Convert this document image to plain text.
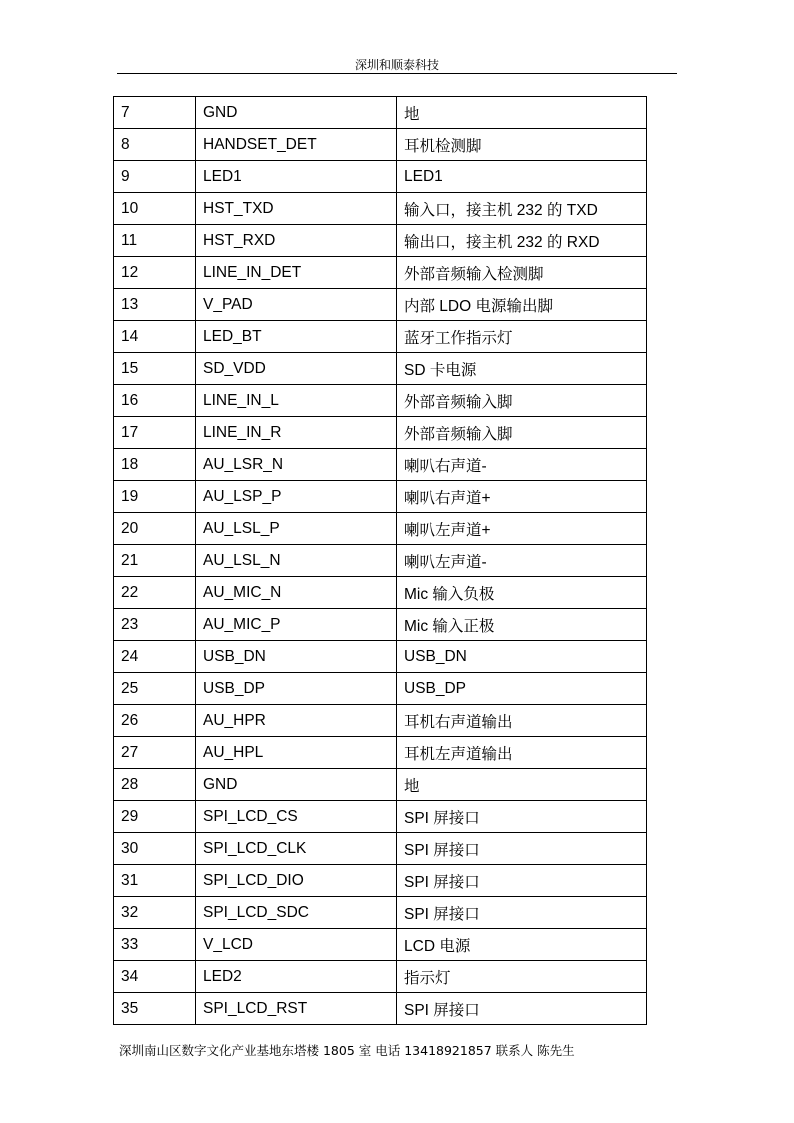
深圳和顺泰科技
7	GND	地
8	HANDSET_DET	耳机检测脚
9	LED1	LED1
10	HST_TXD	输入口，接主机 232 的 TXD
11	HST_RXD	输出口，接主机 232 的 RXD
12	LINE_IN_DET	外部音频输入检测脚
13	V_PAD	内部 LDO 电源输出脚
14	LED_BT	蓝牙工作指示灯
15	SD_VDD	SD 卡电源
16	LINE_IN_L	外部音频输入脚
17	LINE_IN_R	外部音频输入脚
18	AU_LSR_N	喇叭右声道-
19	AU_LSP_P	喇叭右声道+
20	AU_LSL_P	喇叭左声道+
21	AU_LSL_N	喇叭左声道-
22	AU_MIC_N	Mic 输入负极
23	AU_MIC_P	Mic 输入正极
24	USB_DN	USB_DN
25	USB_DP	USB_DP
26	AU_HPR	耳机右声道输出
27	AU_HPL	耳机左声道输出
28	GND	地
29	SPI_LCD_CS	SPI 屏接口
30	SPI_LCD_CLK	SPI 屏接口
31	SPI_LCD_DIO	SPI 屏接口
32	SPI_LCD_SDC	SPI 屏接口
33	V_LCD	LCD 电源
34	LED2	指示灯
35	SPI_LCD_RST	SPI 屏接口
深圳南山区数字文化产业基地东塔楼 1805 室 电话 13418921857 联系人 陈先生
